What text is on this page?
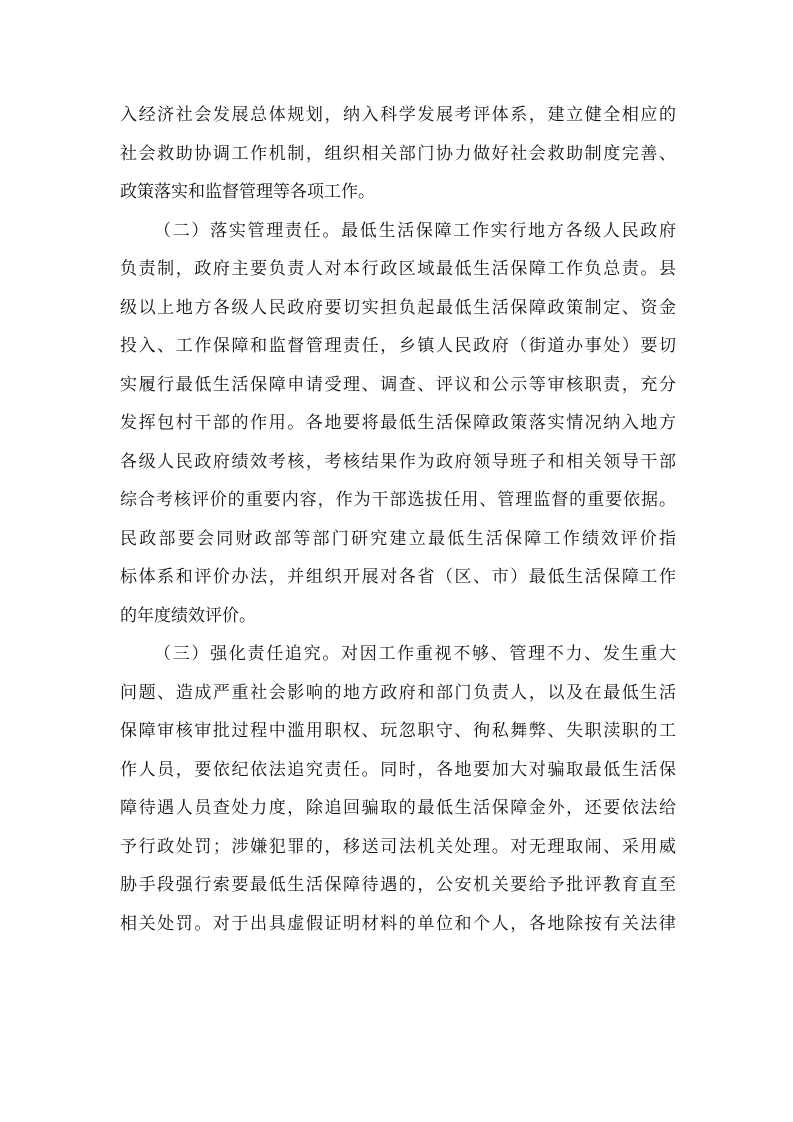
入经济社会发展总体规划，纳入科学发展考评体系，建立健全相应的
社会救助协调工作机制，组织相关部门协力做好社会救助制度完善、
政策落实和监督管理等各项工作。
（二）落实管理责任。最低生活保障工作实行地方各级人民政府
负责制，政府主要负责人对本行政区域最低生活保障工作负总责。县
级以上地方各级人民政府要切实担负起最低生活保障政策制定、资金
投入、工作保障和监督管理责任，乡镇人民政府（街道办事处）要切
实履行最低生活保障申请受理、调查、评议和公示等审核职责，充分
发挥包村干部的作用。各地要将最低生活保障政策落实情况纳入地方
各级人民政府绩效考核，考核结果作为政府领导班子和相关领导干部
综合考核评价的重要内容，作为干部选拔任用、管理监督的重要依据。
民政部要会同财政部等部门研究建立最低生活保障工作绩效评价指
标体系和评价办法，并组织开展对各省（区、市）最低生活保障工作
的年度绩效评价。
（三）强化责任追究。对因工作重视不够、管理不力、发生重大
问题、造成严重社会影响的地方政府和部门负责人，以及在最低生活
保障审核审批过程中滥用职权、玩忽职守、徇私舞弊、失职渎职的工
作人员，要依纪依法追究责任。同时，各地要加大对骗取最低生活保
障待遇人员查处力度，除追回骗取的最低生活保障金外，还要依法给
予行政处罚；涉嫌犯罪的，移送司法机关处理。对无理取闹、采用威
胁手段强行索要最低生活保障待遇的，公安机关要给予批评教育直至
相关处罚。对于出具虚假证明材料的单位和个人，各地除按有关法律
